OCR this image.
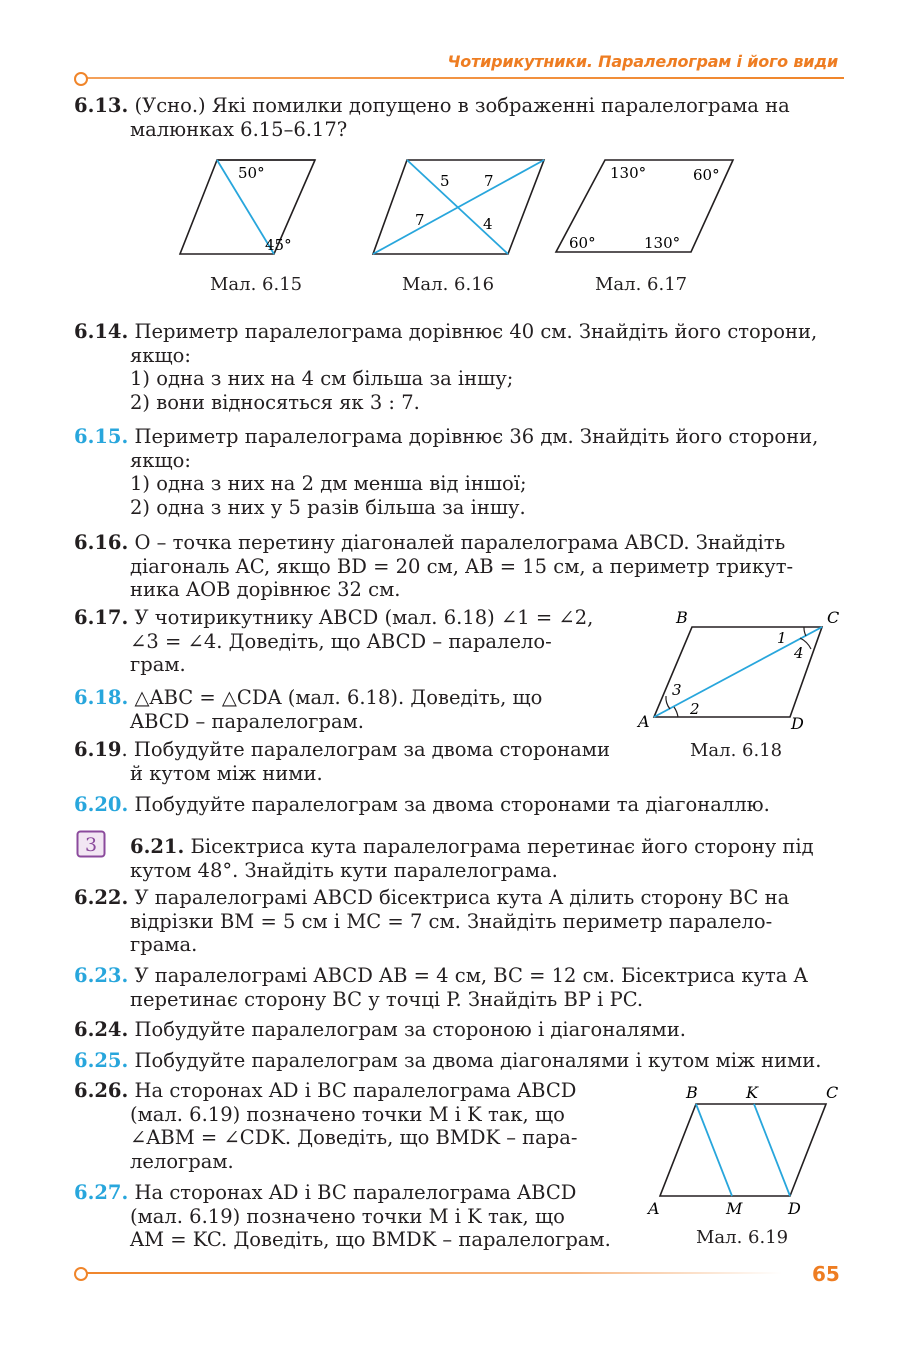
Чотирикутники. Паралелограм і його види
65
6.13. (Усно.) Які помилки допущено в зображенні паралелограма на
малюнках 6.15–6.17?
50°
45°
5 7
7	4
130°	60°
60°	130°
Мал. 6.15	Мал. 6.16	Мал. 6.17
6.14. Периметр паралелограма дорівнює 40 см. Знайдіть його сторони,
якщо:
1) одна з них на 4 см більша за іншу;
2) вони відносяться як 3 : 7.
6.15. Периметр паралелограма дорівнює 36 дм. Знайдіть його сторони,
якщо:
1) одна з них на 2 дм менша від іншої;
2) одна з них у 5 разів більша за іншу.
6.16. O – точка перетину діагоналей паралелограма ABCD. Знайдіть
діагональ AC, якщо BD = 20 см, AB = 15 см, а периметр трикут-
ника AOB дорівнює 32 см.
6.17. У чотирикутнику ABCD (мал. 6.18) ∠1 = ∠2,
∠3 = ∠4. Доведіть, що ABCD – паралело-
грам.
6.18. △ABC = △CDA (мал. 6.18). Доведіть, що
ABCD – паралелограм.
6.19. Побудуйте паралелограм за двома сторонами
й кутом між ними.
B	C
A	D
1
4
3
2
Мал. 6.18
6.20. Побудуйте паралелограм за двома сторонами та діагоналлю.
3 6.21. Бісектриса кута паралелограма перетинає його сторону під
кутом 48°. Знайдіть кути паралелограма.
6.22. У паралелограмі ABCD бісектриса кута A ділить сторону BC на
відрізки BM = 5 см і MC = 7 см. Знайдіть периметр паралело-
грама.
6.23. У паралелограмі ABCD AB = 4 см, BC = 12 см. Бісектриса кута A
перетинає сторону BC у точці P. Знайдіть BP і PC.
6.24. Побудуйте паралелограм за стороною і діагоналями.
6.25. Побудуйте паралелограм за двома діагоналями і кутом між ними.
6.26. На сторонах AD і BC паралелограма ABCD
(мал. 6.19) позначено точки M і K так, що
∠ABM = ∠CDK. Доведіть, що BMDK – пара-
лелограм.
6.27. На сторонах AD і BC паралелограма ABCD
(мал. 6.19) позначено точки M і K так, що
AM = KC. Доведіть, що BMDK – паралелограм.
B	K	C
A	M	D
Мал. 6.19
